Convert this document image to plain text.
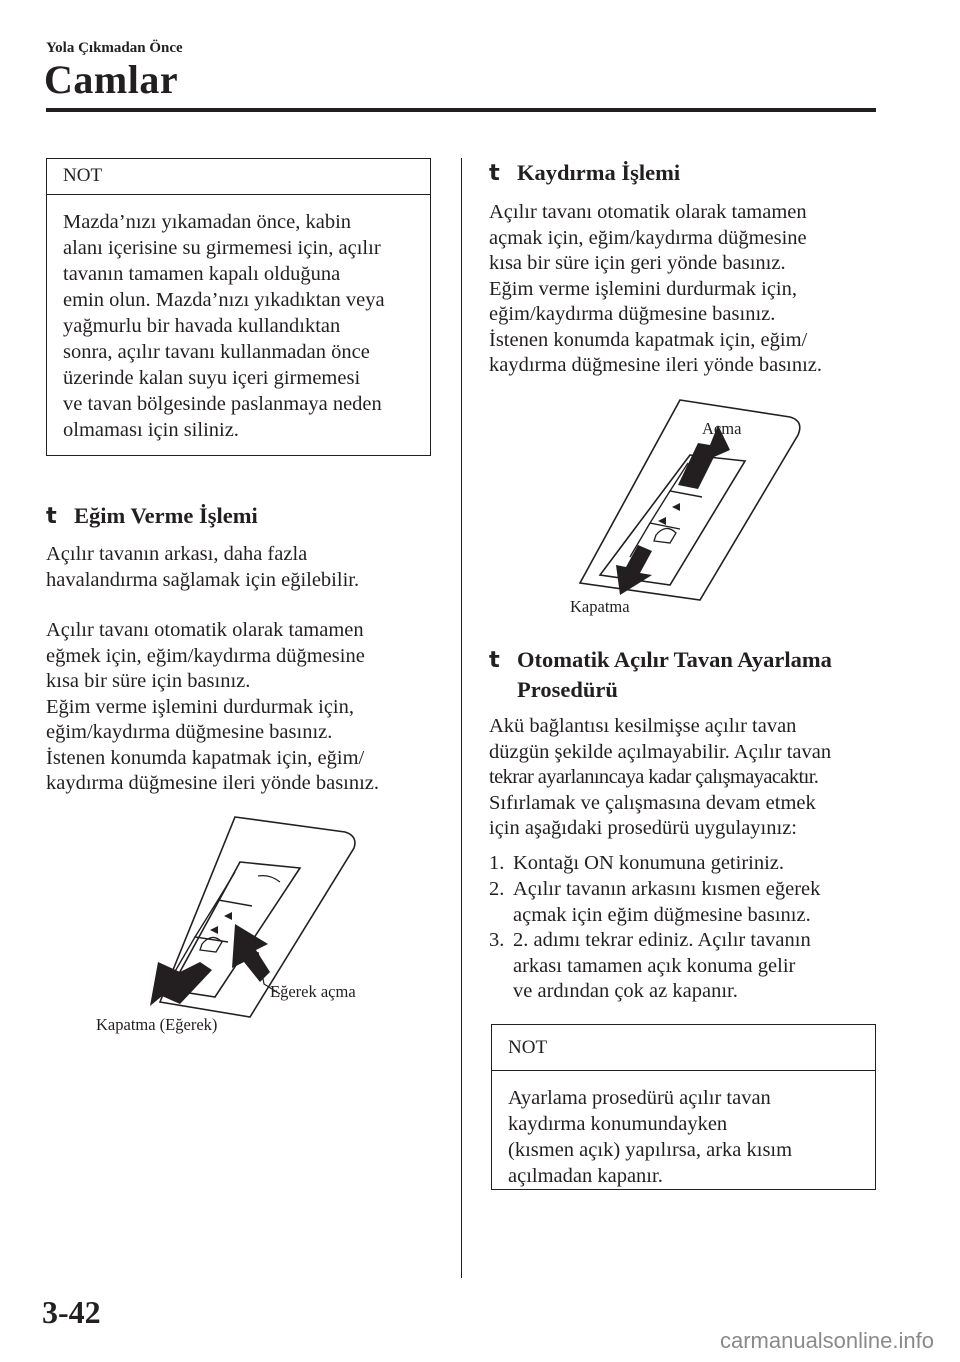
Yola Çıkmadan Önce
Camlar
NOT
Mazda’nızı yıkamadan önce, kabin
alanı içerisine su girmemesi için, açılır
tavanın tamamen kapalı olduğuna
emin olun. Mazda’nızı yıkadıktan veya
yağmurlu bir havada kullandıktan
sonra, açılır tavanı kullanmadan önce
üzerinde kalan suyu içeri girmemesi
ve tavan bölgesinde paslanmaya neden
olmaması için siliniz.
t Eğim Verme İşlemi
Açılır tavanın arkası, daha fazla
havalandırma sağlamak için eğilebilir.
Açılır tavanı otomatik olarak tamamen
eğmek için, eğim/kaydırma düğmesine
kısa bir süre için basınız.
Eğim verme işlemini durdurmak için,
eğim/kaydırma düğmesine basınız.
İstenen konumda kapatmak için, eğim/
kaydırma düğmesine ileri yönde basınız.
Eğerek açma
Kapatma (Eğerek)
t Kaydırma İşlemi
Açılır tavanı otomatik olarak tamamen
açmak için, eğim/kaydırma düğmesine
kısa bir süre için geri yönde basınız.
Eğim verme işlemini durdurmak için,
eğim/kaydırma düğmesine basınız.
İstenen konumda kapatmak için, eğim/
kaydırma düğmesine ileri yönde basınız.
Açma
Kapatma
t Otomatik Açılır Tavan Ayarlama
Prosedürü
Akü bağlantısı kesilmişse açılır tavan
düzgün şekilde açılmayabilir. Açılır tavan
tekrar ayarlanıncaya kadar çalışmayacaktır.
Sıfırlamak ve çalışmasına devam etmek
için aşağıdaki prosedürü uygulayınız:
1. Kontağı ON konumuna getiriniz.
2. Açılır tavanın arkasını kısmen eğerek
açmak için eğim düğmesine basınız.
3. 2. adımı tekrar ediniz. Açılır tavanın
arkası tamamen açık konuma gelir
ve ardından çok az kapanır.
NOT
Ayarlama prosedürü açılır tavan
kaydırma konumundayken
(kısmen açık) yapılırsa, arka kısım
açılmadan kapanır.
3-42
carmanualsonline.info
